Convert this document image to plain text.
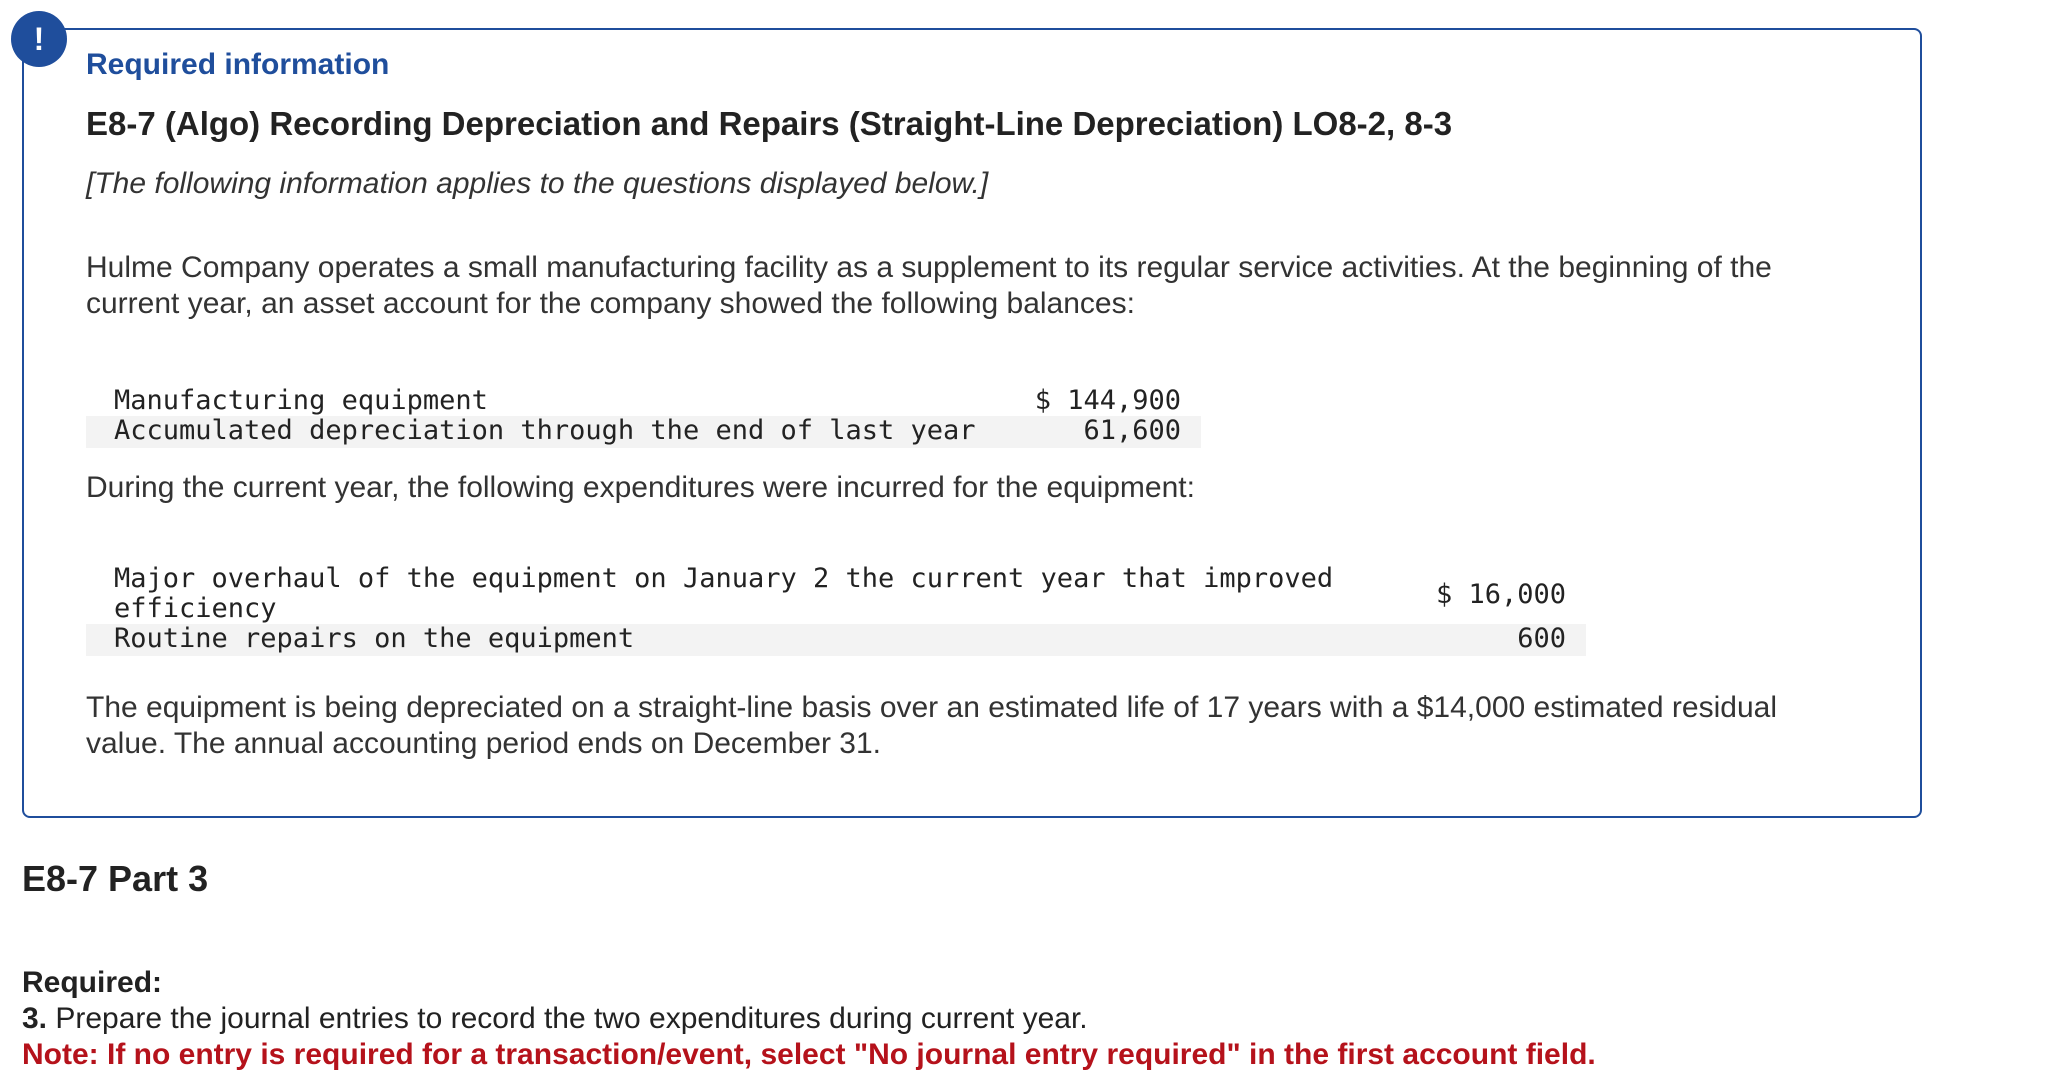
!
Required information
E8-7 (Algo) Recording Depreciation and Repairs (Straight-Line Depreciation) LO8-2, 8-3

[The following information applies to the questions displayed below.]

Hulme Company operates a small manufacturing facility as a supplement to its regular service activities. At the beginning of the current year, an asset account for the company showed the following balances:

Manufacturing equipment	$ 144,900
Accumulated depreciation through the end of last year	61,600

During the current year, the following expenditures were incurred for the equipment:

Major overhaul of the equipment on January 2 the current year that improved efficiency	$ 16,000
Routine repairs on the equipment	600

The equipment is being depreciated on a straight-line basis over an estimated life of 17 years with a $14,000 estimated residual value. The annual accounting period ends on December 31.

E8-7 Part 3

Required:

3. Prepare the journal entries to record the two expenditures during current year.

Note: If no entry is required for a transaction/event, select "No journal entry required" in the first account field.
